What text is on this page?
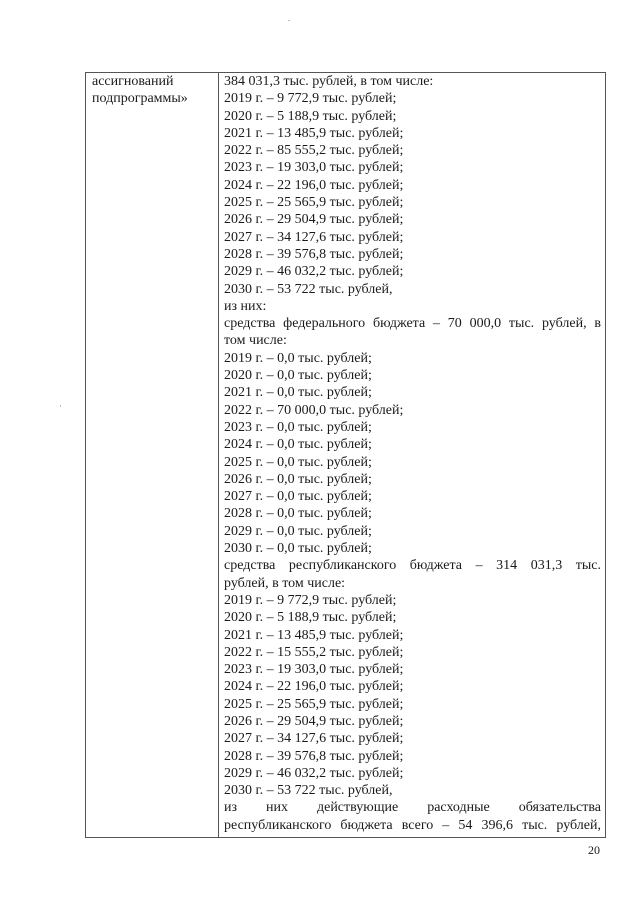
ассигнований
подпрограммы»
384 031,3 тыс. рублей, в том числе:
2019 г. – 9 772,9 тыс. рублей;
2020 г. – 5 188,9 тыс. рублей;
2021 г. – 13 485,9 тыс. рублей;
2022 г. – 85 555,2 тыс. рублей;
2023 г. – 19 303,0 тыс. рублей;
2024 г. – 22 196,0 тыс. рублей;
2025 г. – 25 565,9 тыс. рублей;
2026 г. – 29 504,9 тыс. рублей;
2027 г. – 34 127,6 тыс. рублей;
2028 г. – 39 576,8 тыс. рублей;
2029 г. – 46 032,2 тыс. рублей;
2030 г. – 53 722 тыс. рублей,
из них:
средства федерального бюджета – 70 000,0 тыс. рублей, в
том числе:
2019 г. – 0,0 тыс. рублей;
2020 г. – 0,0 тыс. рублей;
2021 г. – 0,0 тыс. рублей;
2022 г. – 70 000,0 тыс. рублей;
2023 г. – 0,0 тыс. рублей;
2024 г. – 0,0 тыс. рублей;
2025 г. – 0,0 тыс. рублей;
2026 г. – 0,0 тыс. рублей;
2027 г. – 0,0 тыс. рублей;
2028 г. – 0,0 тыс. рублей;
2029 г. – 0,0 тыс. рублей;
2030 г. – 0,0 тыс. рублей;
средства республиканского бюджета – 314 031,3 тыс.
рублей, в том числе:
2019 г. – 9 772,9 тыс. рублей;
2020 г. – 5 188,9 тыс. рублей;
2021 г. – 13 485,9 тыс. рублей;
2022 г. – 15 555,2 тыс. рублей;
2023 г. – 19 303,0 тыс. рублей;
2024 г. – 22 196,0 тыс. рублей;
2025 г. – 25 565,9 тыс. рублей;
2026 г. – 29 504,9 тыс. рублей;
2027 г. – 34 127,6 тыс. рублей;
2028 г. – 39 576,8 тыс. рублей;
2029 г. – 46 032,2 тыс. рублей;
2030 г. – 53 722 тыс. рублей,
из них действующие расходные обязательства
республиканского бюджета всего – 54 396,6 тыс. рублей,
20
